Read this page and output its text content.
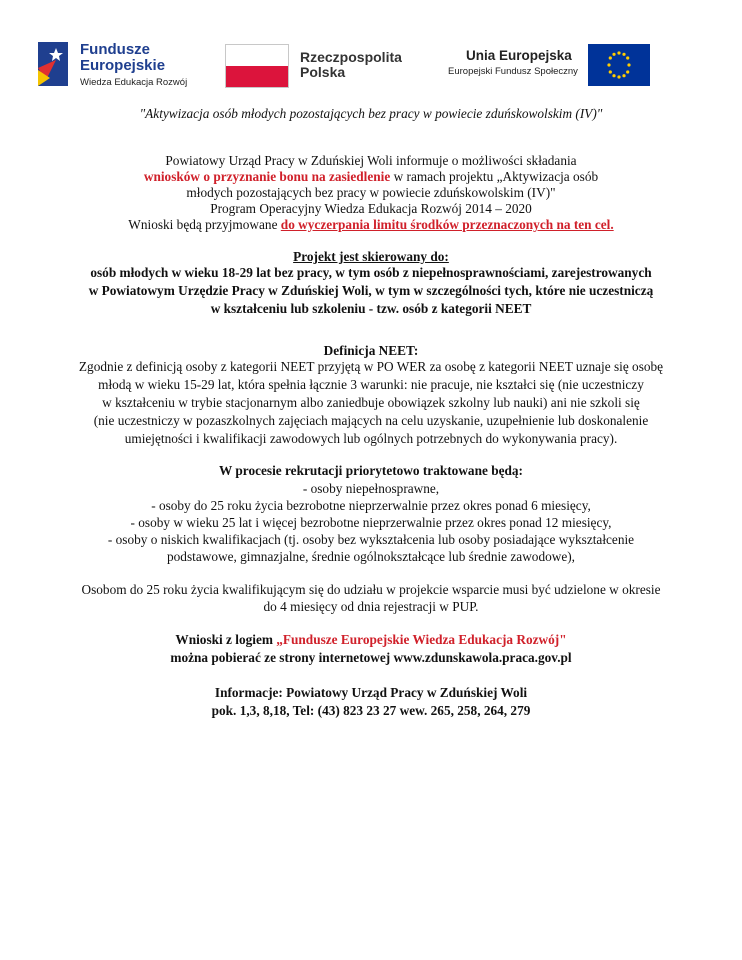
Fundusze
Europejskie
Wiedza Edukacja Rozwój
Rzeczpospolita
Polska
Unia Europejska
Europejski Fundusz Społeczny
"Aktywizacja osób młodych pozostających bez pracy w powiecie zduńskowolskim (IV)"
Powiatowy Urząd Pracy w Zduńskiej Woli informuje o możliwości składania
wniosków o przyznanie bonu na zasiedlenie w ramach projektu „Aktywizacja osób
młodych pozostających bez pracy w powiecie zduńskowolskim (IV)"
Program Operacyjny Wiedza Edukacja Rozwój 2014 – 2020
Wnioski będą przyjmowane do wyczerpania limitu środków przeznaczonych na ten cel.
Projekt jest skierowany do:
osób młodych w wieku 18-29 lat bez pracy, w tym osób z niepełnosprawnościami, zarejestrowanych
w Powiatowym Urzędzie Pracy w Zduńskiej Woli, w tym w szczególności tych, które nie uczestniczą
w kształceniu lub szkoleniu - tzw. osób z kategorii NEET
Definicja NEET:
Zgodnie z definicją osoby z kategorii NEET przyjętą w PO WER za osobę z kategorii NEET uznaje się osobę
młodą w wieku 15-29 lat, która spełnia łącznie 3 warunki: nie pracuje, nie kształci się (nie uczestniczy
w kształceniu w trybie stacjonarnym albo zaniedbuje obowiązek szkolny lub nauki) ani nie szkoli się
(nie uczestniczy w pozaszkolnych zajęciach mających na celu uzyskanie, uzupełnienie lub doskonalenie
umiejętności i kwalifikacji zawodowych lub ogólnych potrzebnych do wykonywania pracy).
W procesie rekrutacji priorytetowo traktowane będą:
- osoby niepełnosprawne,
- osoby do 25 roku życia bezrobotne nieprzerwalnie przez okres ponad 6 miesięcy,
- osoby w wieku 25 lat i więcej bezrobotne nieprzerwalnie przez okres ponad 12 miesięcy,
- osoby o niskich kwalifikacjach (tj. osoby bez wykształcenia lub osoby posiadające wykształcenie
podstawowe, gimnazjalne, średnie ogólnokształcące lub średnie zawodowe),
Osobom do 25 roku życia kwalifikującym się do udziału w projekcie wsparcie musi być udzielone w okresie
do 4 miesięcy od dnia rejestracji w PUP.
Wnioski z logiem „Fundusze Europejskie Wiedza Edukacja Rozwój"
można pobierać ze strony internetowej www.zdunskawola.praca.gov.pl
Informacje: Powiatowy Urząd Pracy w Zduńskiej Woli
pok. 1,3, 8,18, Tel: (43) 823 23 27 wew. 265, 258, 264, 279
